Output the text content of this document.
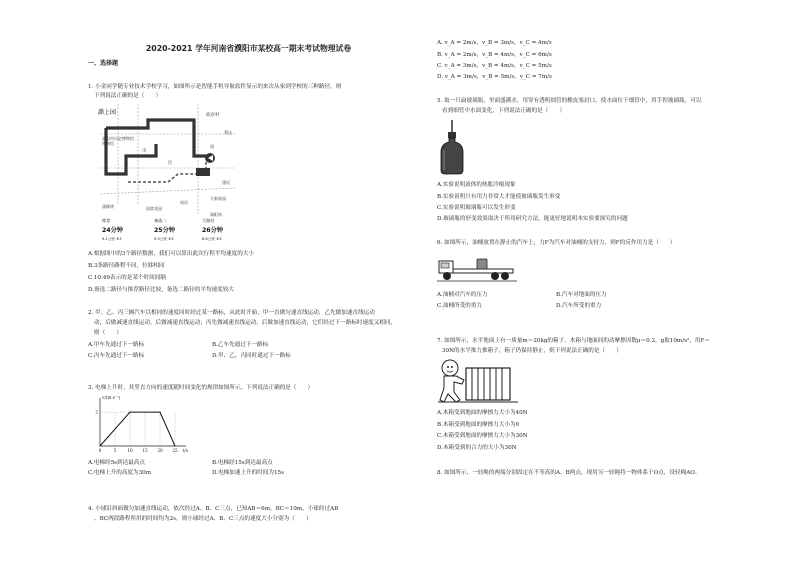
2020-2021 学年河南省濮阳市某校高一期末考试物理试卷
一、选择题
1. 小金同学随专业技术学校学习，如图所示是智能手机导航软件显示的来次从家到学校的三种路径，则
下列说法正确的是（　　）
潞上园
濮阳市历史博物馆
博物馆
市
区
政府村
站
蒲柳湾	国富花园
南居
大新家园
湖阳南
建设
利达
推荐
24分钟
9.1公里 ⑥3
备选二
25分钟
9.3公里 ⑥3
大路径
26分钟
8.6公里 ⑥3
A.根据图中的3个路径数据，我们可以算出此次行程平均速度的大小
B.3条路径路程不同，位移相同
C.10:49表示的是某个时间间隔
D.备选二路径与推荐路径比较，备选二路径的平均速度较大
2. 甲、乙、丙三辆汽车以相同的速度同时经过某一路标，从此时开始，甲一直做匀速直线运动，乙先做加速直线运动
动，后做减速直线运动，后做减速直线运动；丙先做减速直线运动，后做加速直线运动，它们经过下一路标时速度又相同，
则（　　）
A.甲车先通过下一路标	B.乙车先通过下一路标
C.丙车先通过下一路标	D.甲、乙、丙同时通过下一路标
3. 电梯上升时，其竖直方向的速度随时间变化的规律如图所示，下列说法正确的是（　　）
0	5	10 15 20 25
2
v/(m·s⁻¹)
t/s
A.电梯经5s到达最高点	B.电梯经15s到达最高点
C.电梯上升的高度为30m	D.电梯加速上升的时间为15s
4. 小球沿斜面做匀加速直线运动，依次经过A、B、C三点，已知AB＝6m，BC＝10m，小球经过AB
、BC两段路程所用的时间均为2s，则小球经过A、B、C三点的速度大小分别为（　　）
A. v_A = 2m/s，v_B = 3m/s，v_C = 4m/s
B. v_A = 2m/s，v_B = 4m/s，v_C = 6m/s
C. v_A = 3m/s，v_B = 4m/s，v_C = 5m/s
D. v_A = 3m/s，v_B = 5m/s，v_C = 7m/s
5. 取一只扁玻璃瓶，里面盛满水，用穿有透明细管的橡皮塞封口，使水面位于细管中，用手捏玻璃瓶，可以
看到细管中水面变化，下列说法正确的是（　　）
A.实验说明液体的热胀冷缩现象
B.实验说明只有用力非常大才能使玻璃瓶发生形变
C.实验说明玻璃瓶可以发生形变
D.玻璃瓶的形变效果取决于所用研究方法，能更好地说明本实验要探究的问题
6. 如图所示，油桶放置在静止的汽车上，力F为汽车对油桶的支持力，则F的反作用力是（　　）
A.油桶对汽车的压力	B.汽车对地面的压力
C.油桶所受的重力	D.汽车所受的重力
7. 如图所示，水平地面上有一质量m＝20kg的箱子，木箱与地面间的动摩擦因数μ＝0.2，g取10m/s²，用F＝
30N的水平推力推箱子，箱子仍保持静止，则下列说法正确的是（　　）
A.木箱受到地面的摩擦力大小为40N
B.木箱受到地面的摩擦力大小为0
C.木箱受到地面的摩擦力大小为30N
D.木箱受到的合力的大小为30N
8. 如图所示，一轻绳的两端分别固定在不等高的A、B两点，现用另一轻绳将一物体系于O点，设轻绳AO、
